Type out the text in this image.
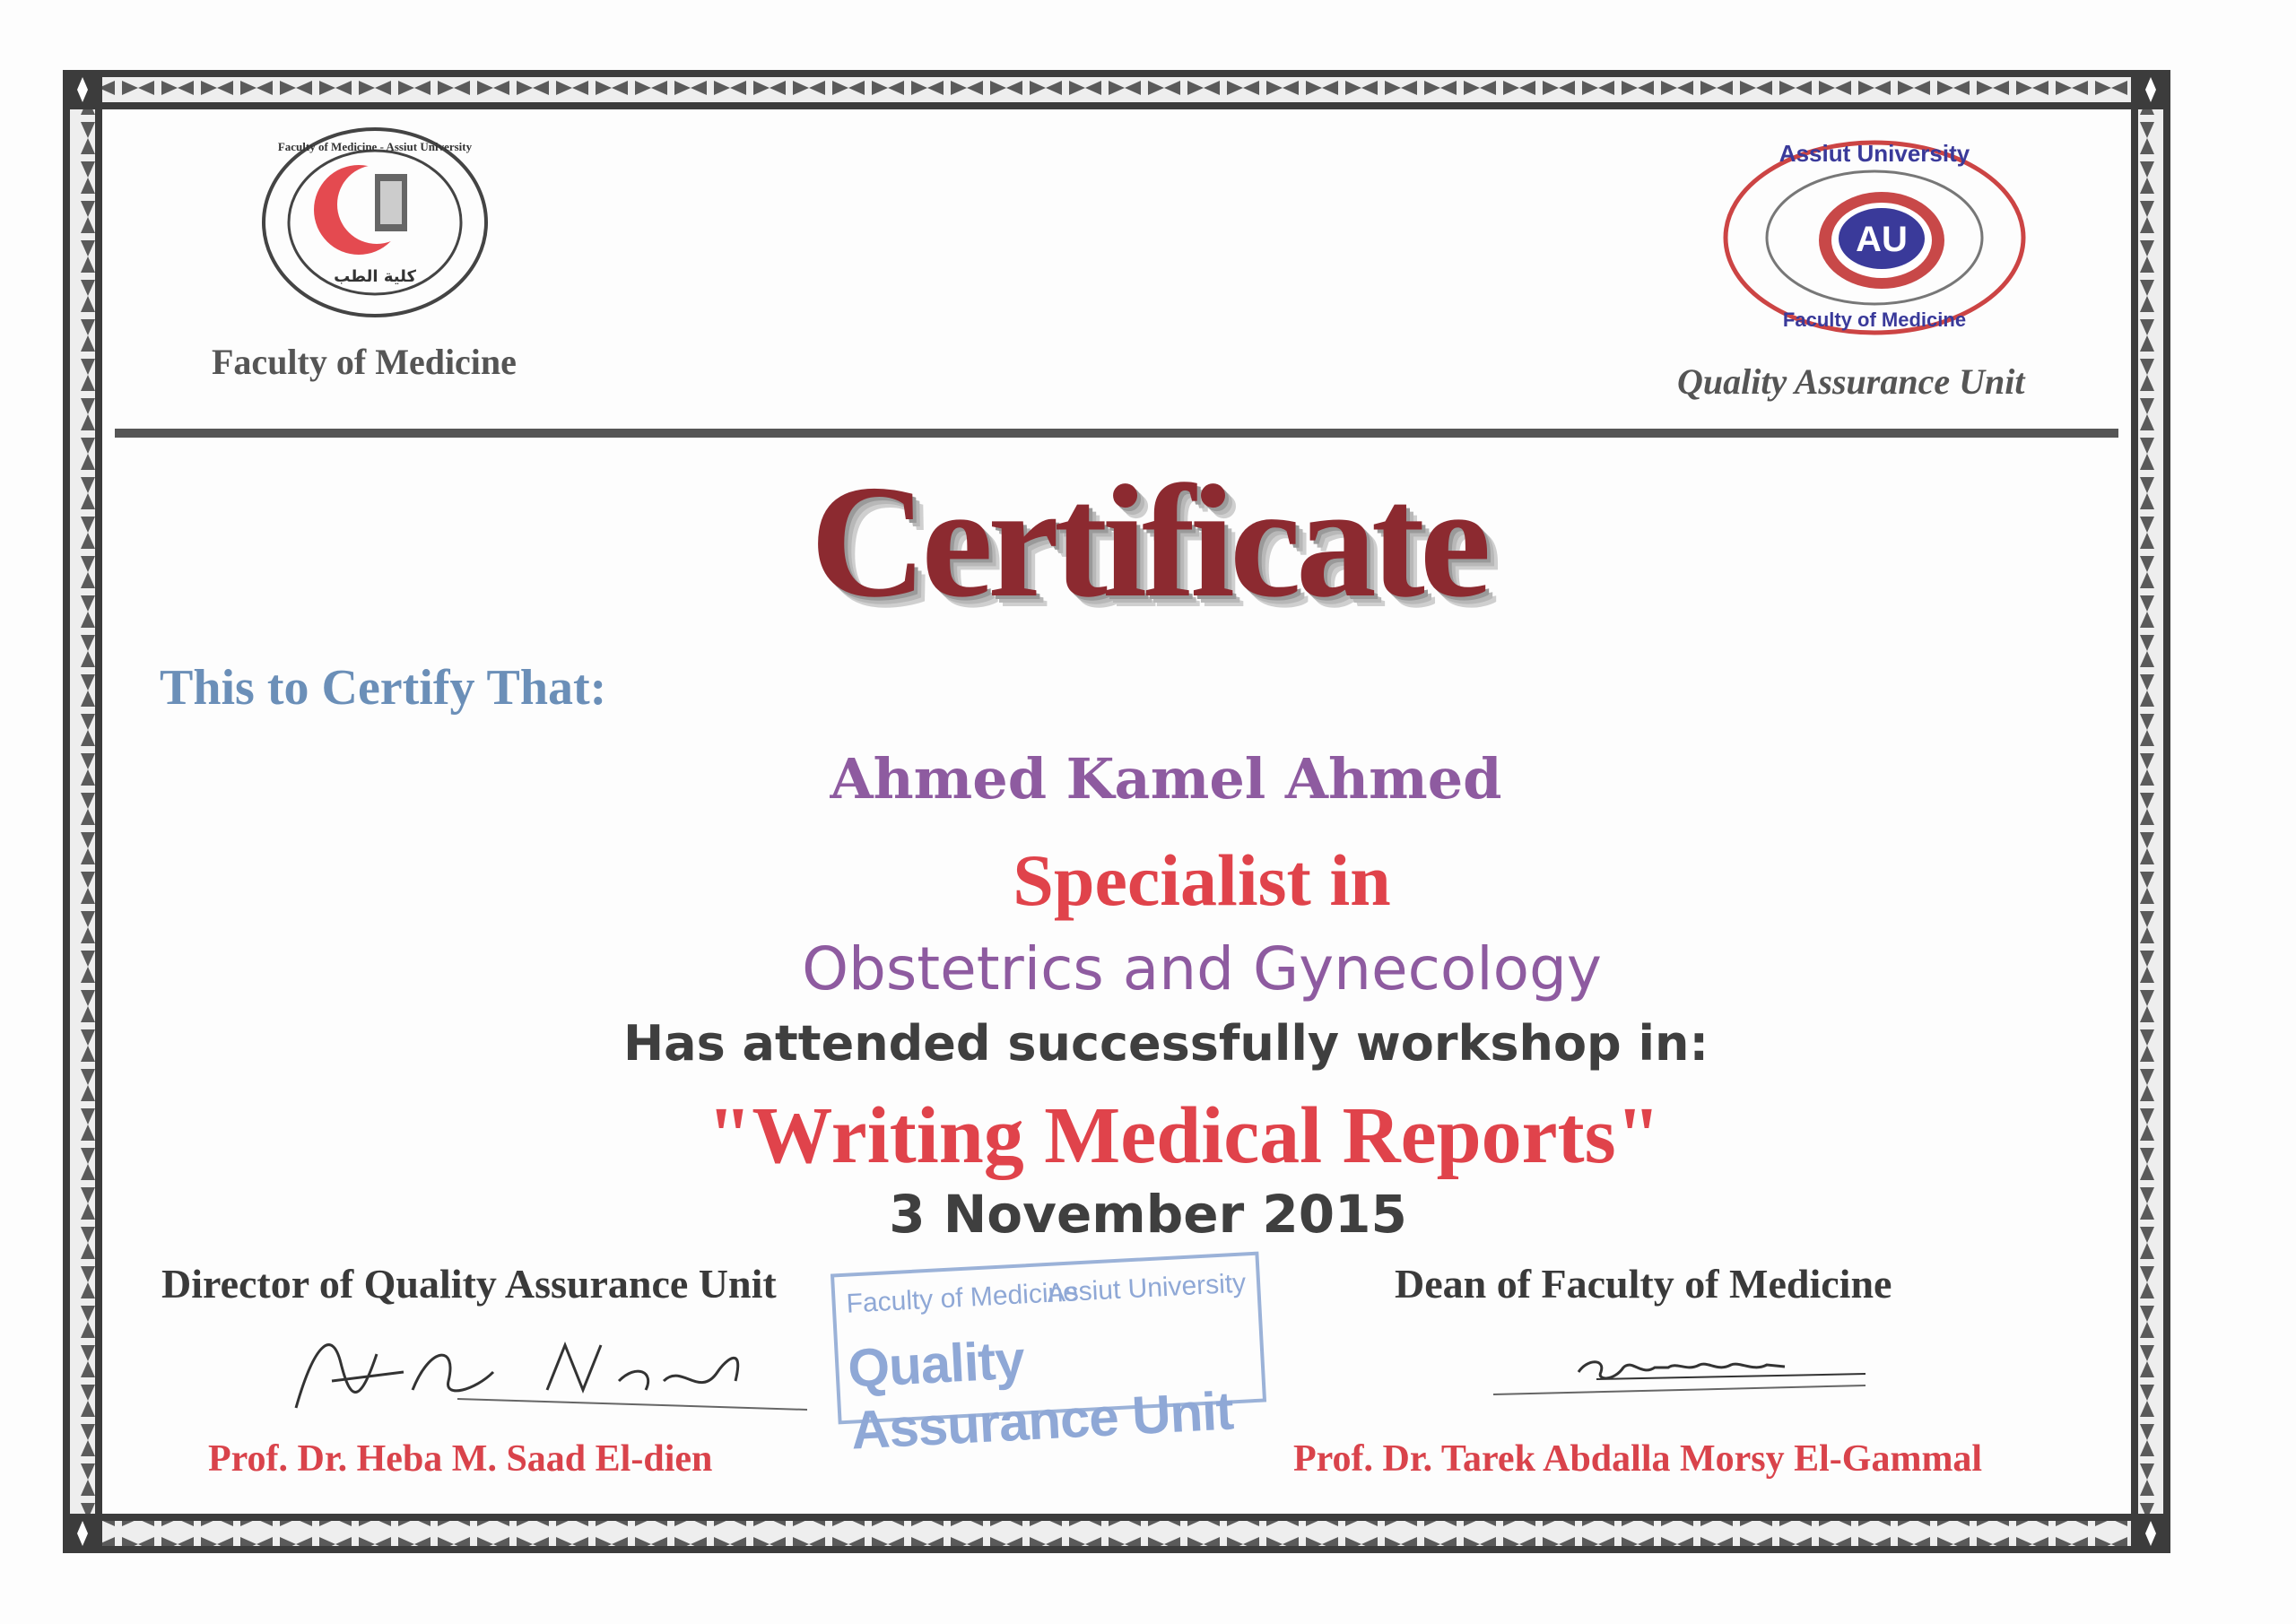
Faculty of Medicine - Assiut University
كلية الطب
Faculty of Medicine
AU
Assiut University
Faculty of Medicine
Quality Assurance Unit
Certificate
This to Certify That:
Ahmed Kamel Ahmed
Specialist in
Obstetrics and Gynecology
Has attended successfully workshop in:
"Writing Medical Reports"
3 November 2015
Director of Quality Assurance Unit	Dean of Faculty of Medicine
Faculty of Medicine
Assiut University
Quality Assurance Unit
Prof. Dr. Heba M. Saad El-dien	Prof. Dr. Tarek Abdalla Morsy El-Gammal
